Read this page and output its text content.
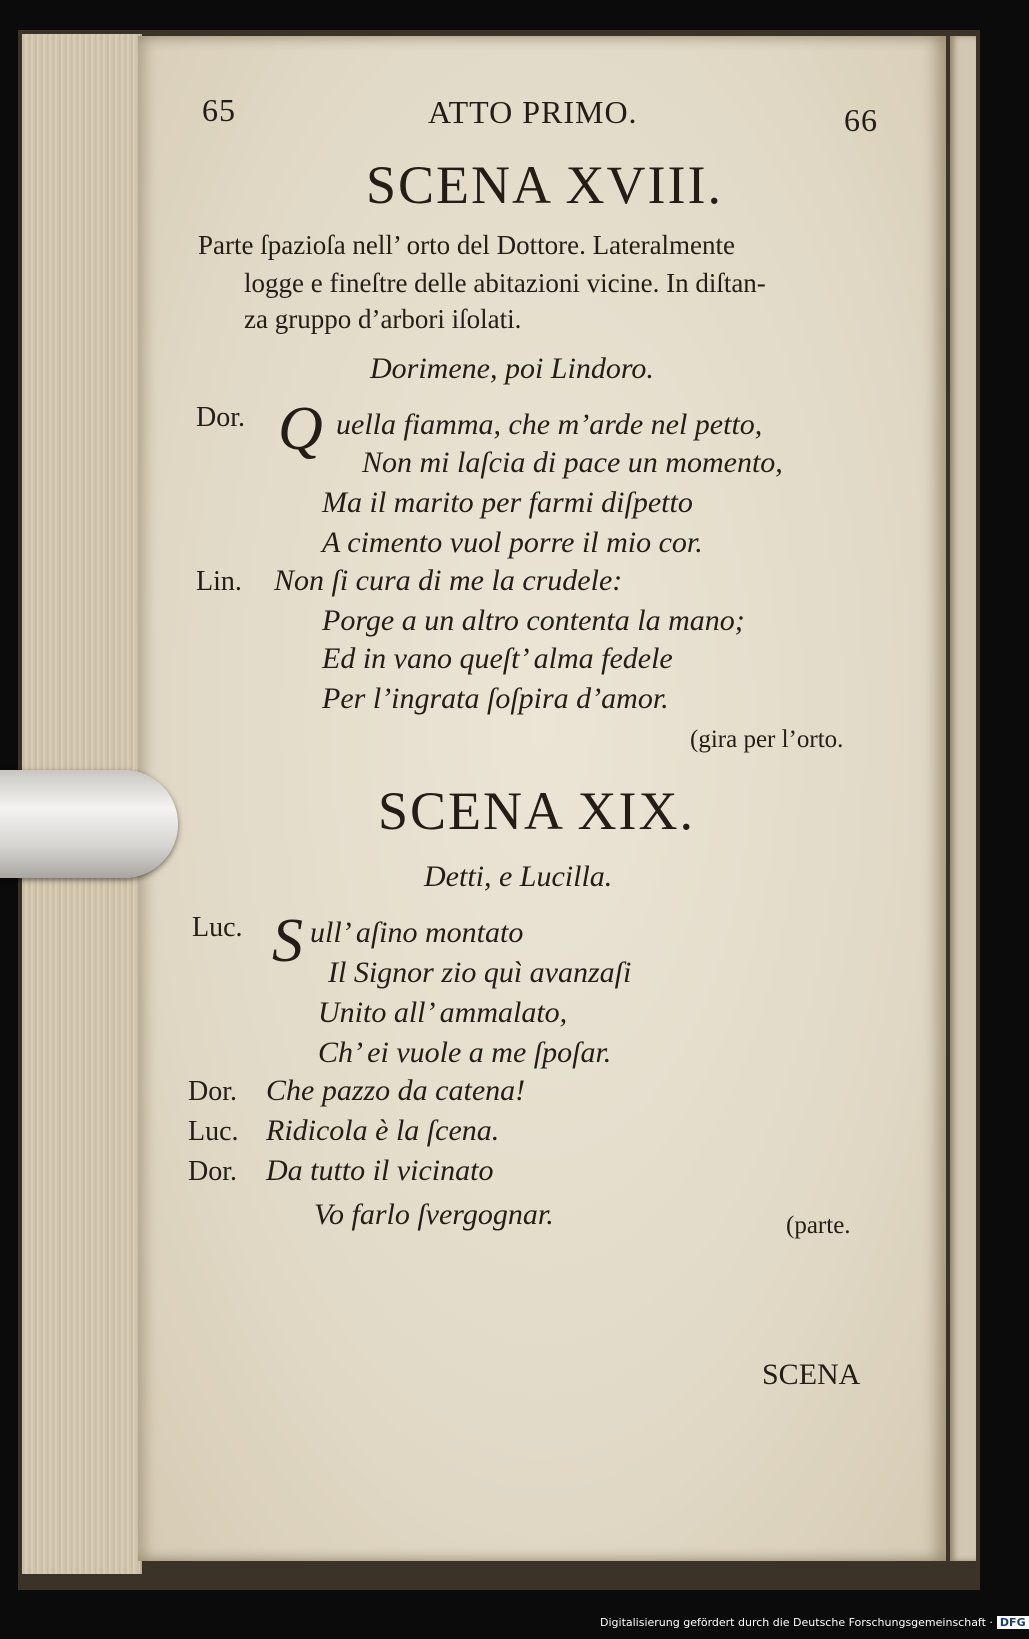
65	ATTO PRIMO.	66
SCENA XVIII.
Parte ſpazioſa nell’ orto del Dottore. Lateralmente
logge e fineſtre delle abitazioni vicine. In diſtan-
za gruppo d’arbori iſolati.
Dorimene, poi Lindoro.
Dor. Q uella fiamma, che m’arde nel petto,
Non mi laſcia di pace un momento,
Ma il marito per farmi diſpetto
A cimento vuol porre il mio cor.
Lin. Non ſi cura di me la crudele:
Porge a un altro contenta la mano;
Ed in vano queſt’ alma fedele
Per l’ingrata ſoſpira d’amor.
(gira per l’orto.
SCENA XIX.
Detti, e Lucilla.
Luc. S ull’ aſino montato
Il Signor zio quì avanzaſi
Unito all’ ammalato,
Ch’ ei vuole a me ſpoſar.
Dor. Che pazzo da catena!
Luc. Ridicola è la ſcena.
Dor. Da tutto il vicinato
Vo farlo ſvergognar.	(parte.
SCENA
Digitalisierung gefördert durch die Deutsche Forschungsgemeinschaft · DFG
